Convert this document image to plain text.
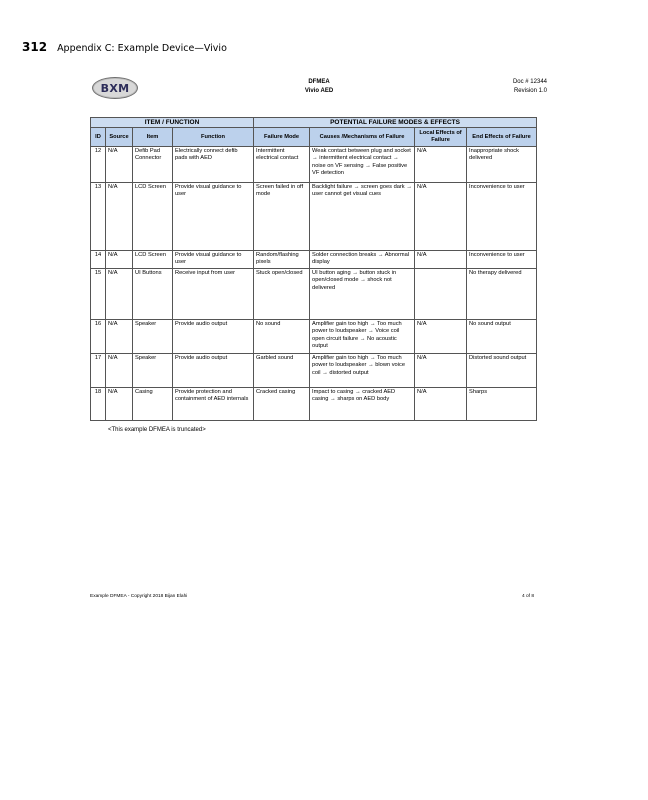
312 Appendix C: Example Device—Vivio
BXM	DFMEA
Vivio AED
Doc # 12344
Revision 1.0
ITEM / FUNCTION				POTENTIAL FAILURE MODES & EFFECTS			
ID	Source	Item	Function	Failure Mode	Causes /Mechanisms of Failure	Local Effects of Failure	End Effects of Failure
12	N/A	Defib Pad Connector	Electrically connect defib pads with AED	Intermittent electrical contact	Weak contact between plug and socket → intermittent electrical contact → noise on VF sensing → False positive VF detection	N/A	Inappropriate shock delivered
13	N/A	LCD Screen	Provide visual guidance to user	Screen failed in off mode	Backlight failure → screen goes dark → user cannot get visual cues	N/A	Inconvenience to user
14	N/A	LCD Screen	Provide visual guidance to user	Random/flashing pixels	Solder connection breaks → Abnormal display	N/A	Inconvenience to user
15	N/A	UI Buttons	Receive input from user	Stuck open/closed	UI button aging → button stuck in open/closed mode → shock not delivered		No therapy delivered
16	N/A	Speaker	Provide audio output	No sound	Amplifier gain too high → Too much power to loudspeaker → Voice coil open circuit failure → No acoustic output	N/A	No sound output
17	N/A	Speaker	Provide audio output	Garbled sound	Amplifier gain too high → Too much power to loudspeaker → blown voice coil → distorted output	N/A	Distorted sound output
18	N/A	Casing	Provide protection and containment of AED internals	Cracked casing	Impact to casing → cracked AED casing → sharps on AED body	N/A	Sharps
<This example DFMEA is truncated>
Example DFMEA - Copyright 2018 Bijan Elahi	4 of 8
